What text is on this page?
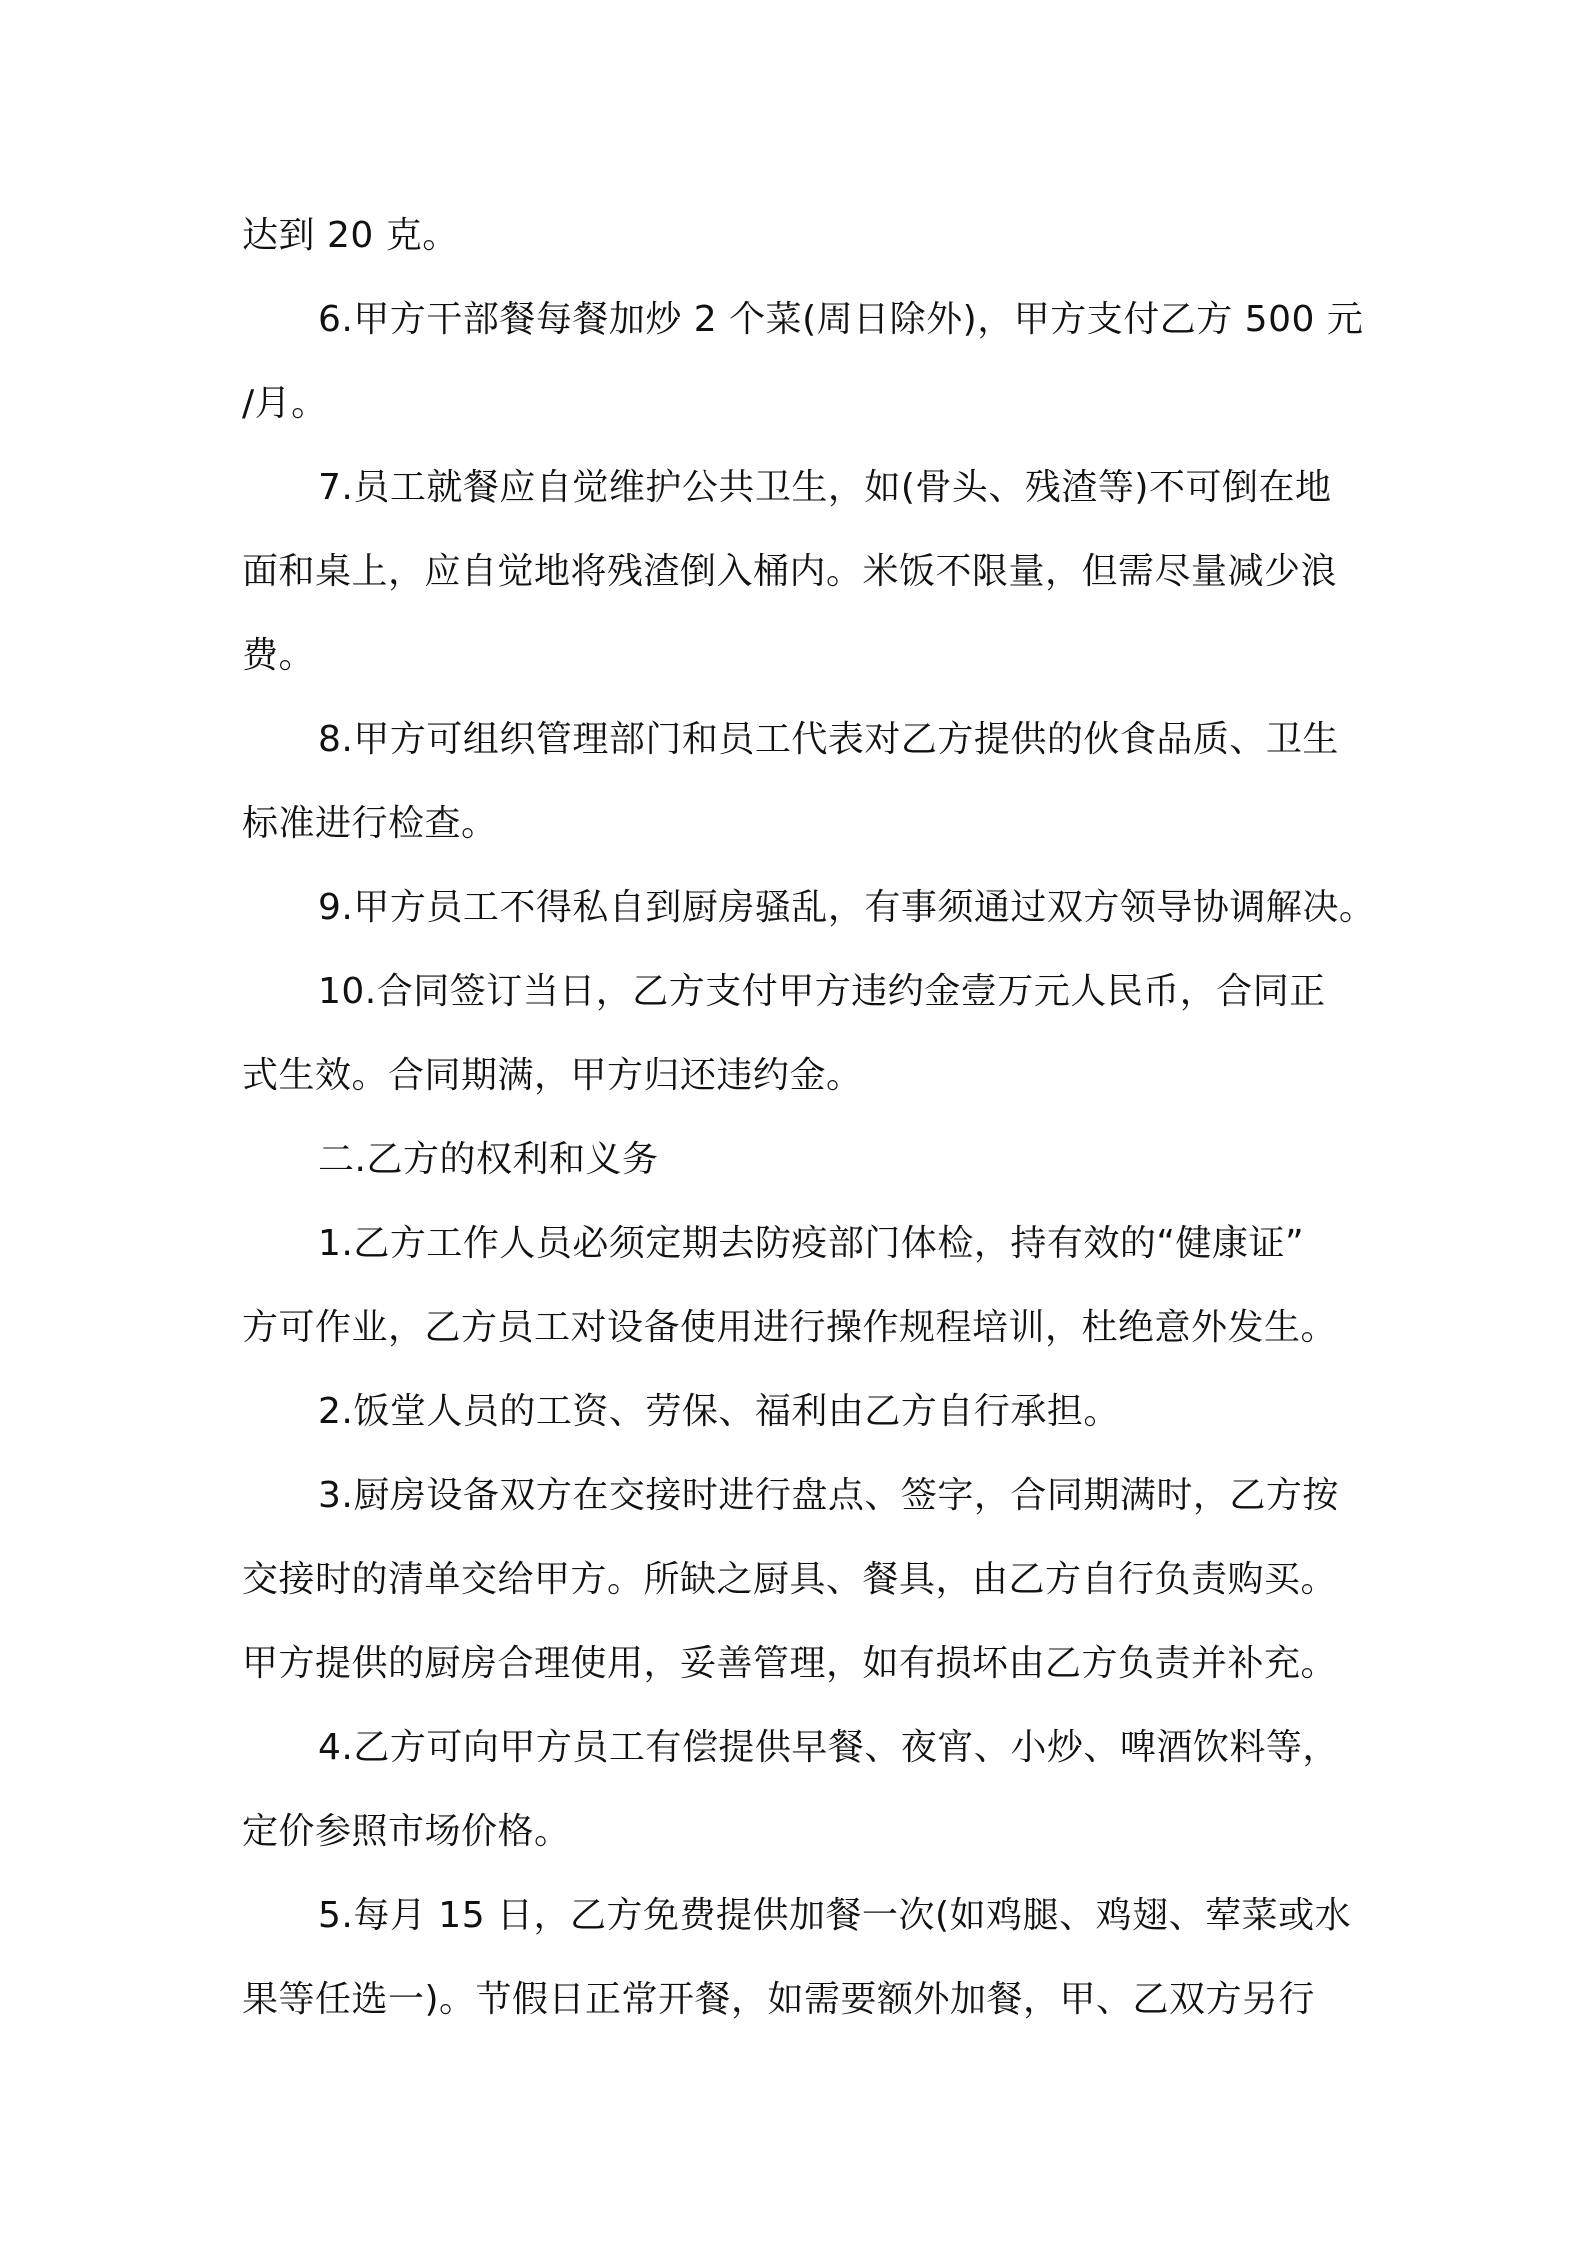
达到 20 克。
6.甲方干部餐每餐加炒 2 个菜(周日除外)，甲方支付乙方 500 元
/月。
7.员工就餐应自觉维护公共卫生，如(骨头、残渣等)不可倒在地
面和桌上，应自觉地将残渣倒入桶内。米饭不限量，但需尽量减少浪
费。
8.甲方可组织管理部门和员工代表对乙方提供的伙食品质、卫生
标准进行检查。
9.甲方员工不得私自到厨房骚乱，有事须通过双方领导协调解决。
10.合同签订当日，乙方支付甲方违约金壹万元人民币，合同正
式生效。合同期满，甲方归还违约金。
二.乙方的权利和义务
1.乙方工作人员必须定期去防疫部门体检，持有效的“健康证”
方可作业，乙方员工对设备使用进行操作规程培训，杜绝意外发生。
2.饭堂人员的工资、劳保、福利由乙方自行承担。
3.厨房设备双方在交接时进行盘点、签字，合同期满时，乙方按
交接时的清单交给甲方。所缺之厨具、餐具，由乙方自行负责购买。
甲方提供的厨房合理使用，妥善管理，如有损坏由乙方负责并补充。
4.乙方可向甲方员工有偿提供早餐、夜宵、小炒、啤酒饮料等，
定价参照市场价格。
5.每月 15 日，乙方免费提供加餐一次(如鸡腿、鸡翅、荤菜或水
果等任选一)。节假日正常开餐，如需要额外加餐，甲、乙双方另行
